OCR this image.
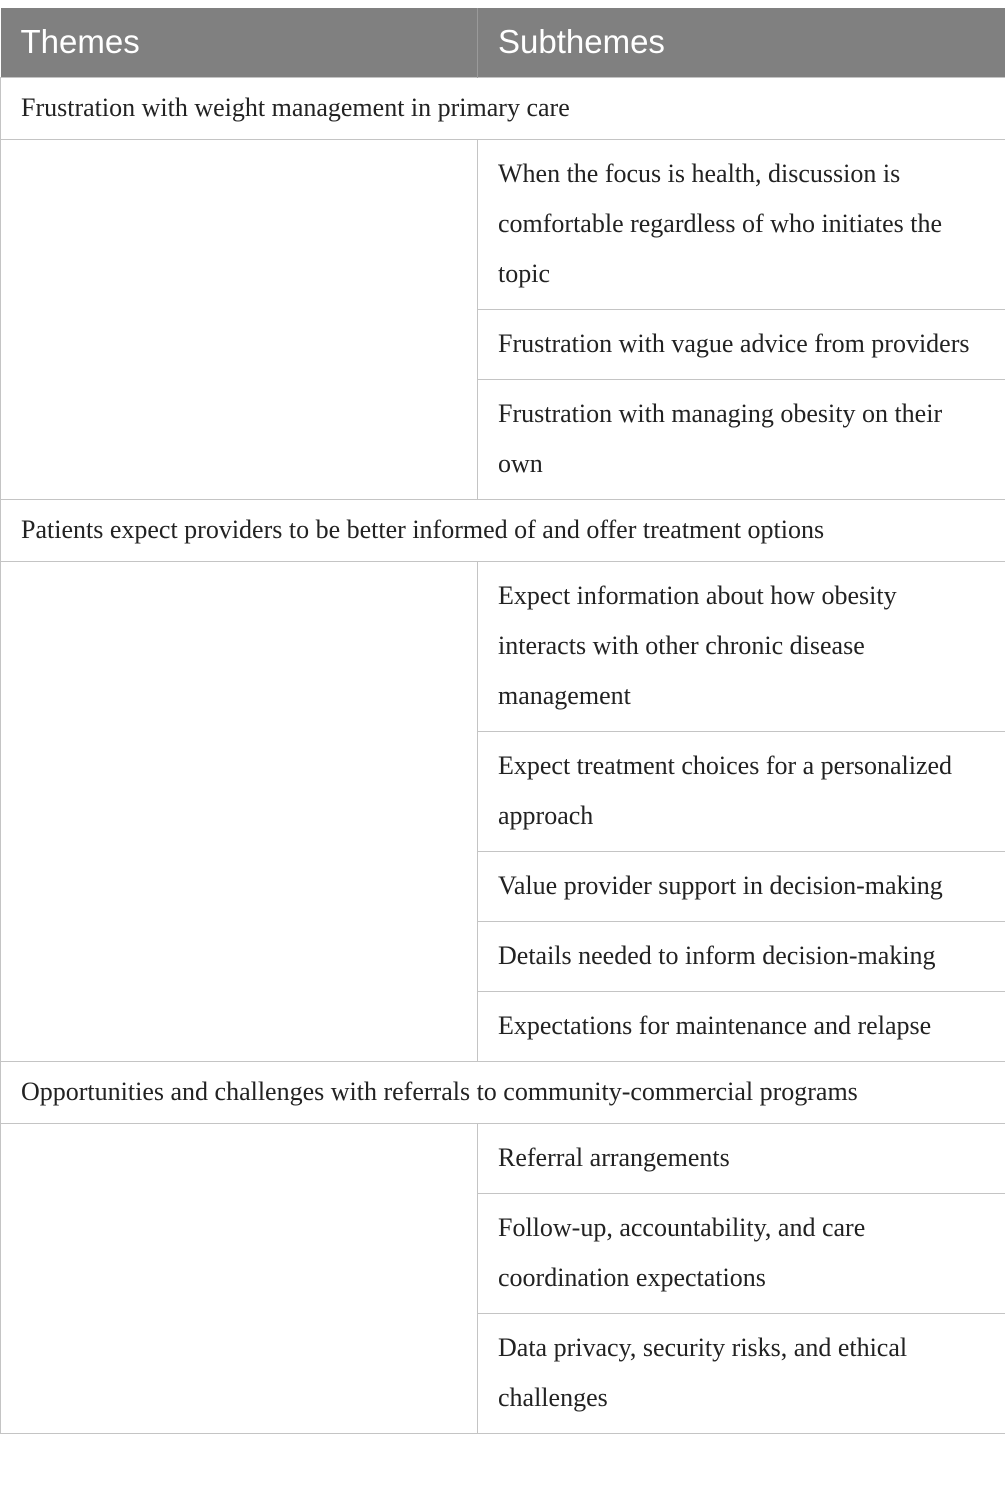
Themes	Subthemes
Frustration with weight management in primary care	
	When the focus is health, discussion is comfortable regardless of who initiates the topic
	Frustration with vague advice from providers
	Frustration with managing obesity on their own
Patients expect providers to be better informed of and offer treatment options	
	Expect information about how obesity interacts with other chronic disease management
	Expect treatment choices for a personalized approach
	Value provider support in decision-making
	Details needed to inform decision-making
	Expectations for maintenance and relapse
Opportunities and challenges with referrals to community-commercial programs	
	Referral arrangements
	Follow-up, accountability, and care coordination expectations
	Data privacy, security risks, and ethical challenges
